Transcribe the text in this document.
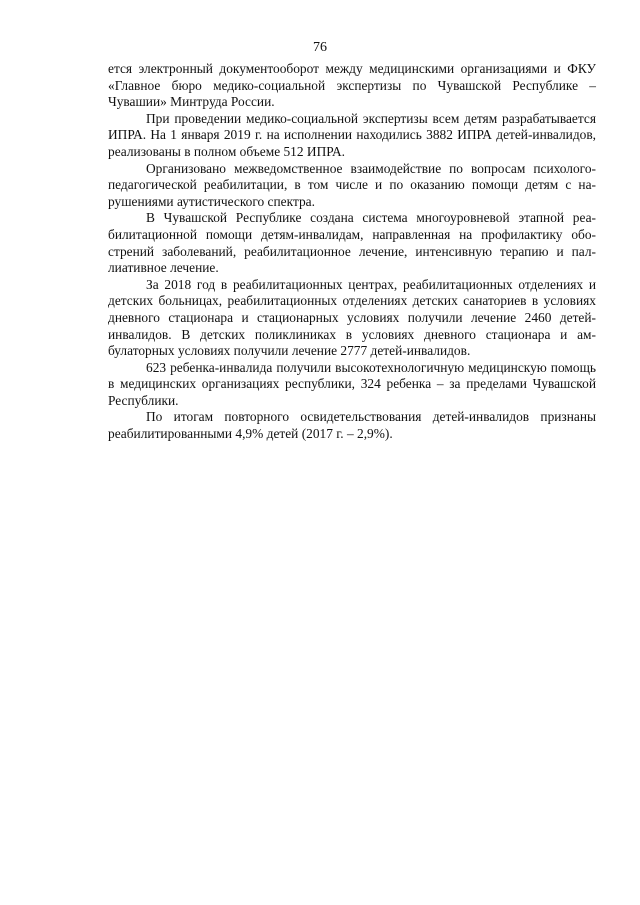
76

ется электронный документооборот между медицинскими организациями и ФКУ «Главное бюро медико-социальной экспертизы по Чувашской Республике – Чувашии» Минтруда России.

При проведении медико-социальной экспертизы всем детям разрабатывается ИПРА. На 1 января 2019 г. на исполнении находились 3882 ИПРА детей-инвалидов, реализованы в полном объеме 512 ИПРА.

Организовано межведомственное взаимодействие по вопросам психолого-педагогической реабилитации, в том числе и по оказанию помощи детям с нарушениями аутистического спектра.

В Чувашской Республике создана система многоуровневой этапной реабилитационной помощи детям-инвалидам, направленная на профилактику обострений заболеваний, реабилитационное лечение, интенсивную терапию и паллиативное лечение.

За 2018 год в реабилитационных центрах, реабилитационных отделениях и детских больницах, реабилитационных отделениях детских санаториев в условиях дневного стационара и стационарных условиях получили лечение 2460 детей-инвалидов. В детских поликлиниках в условиях дневного стационара и амбулаторных условиях получили лечение 2777 детей-инвалидов.

623 ребенка-инвалида получили высокотехнологичную медицинскую помощь в медицинских организациях республики, 324 ребенка – за пределами Чувашской Республики.

По итогам повторного освидетельствования детей-инвалидов признаны реабилитированными 4,9% детей (2017 г. – 2,9%).
